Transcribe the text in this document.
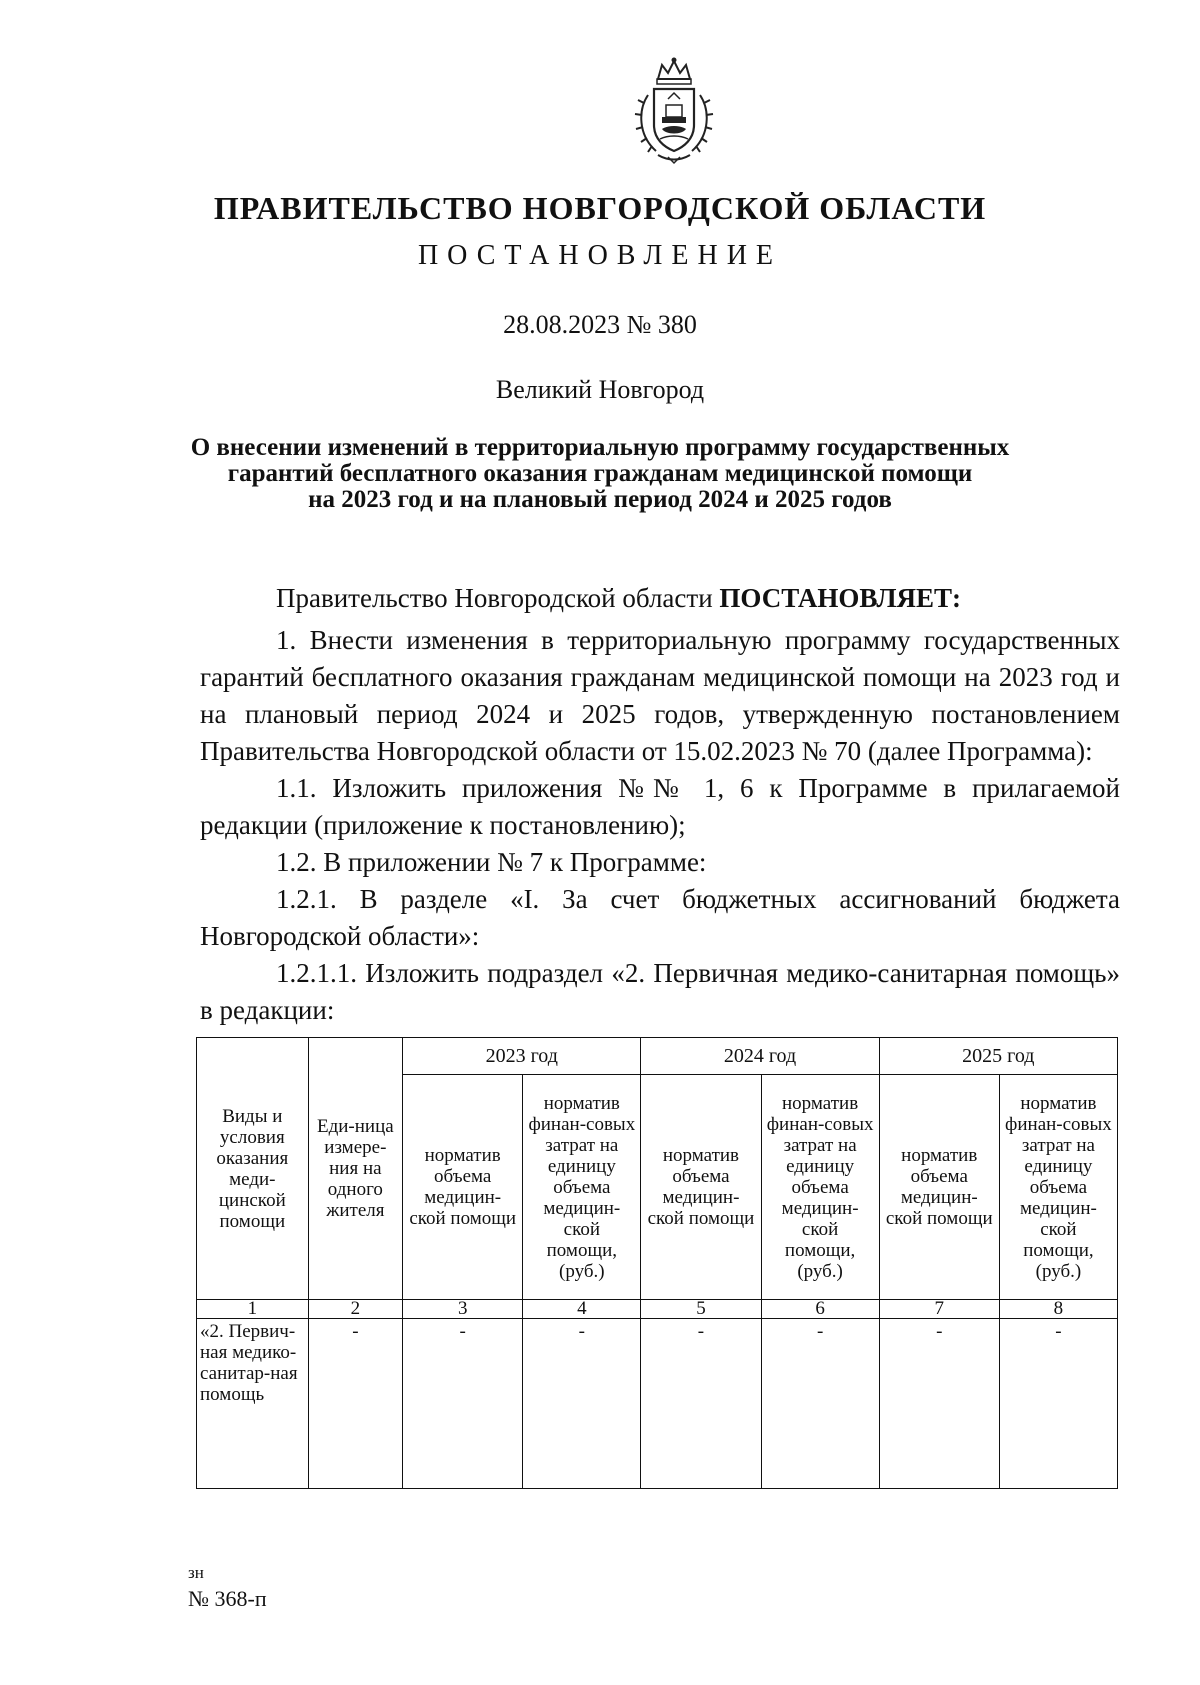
ПРАВИТЕЛЬСТВО НОВГОРОДСКОЙ ОБЛАСТИ
ПОСТАНОВЛЕНИЕ
28.08.2023 № 380
Великий Новгород
О внесении изменений в территориальную программу государственных
гарантий бесплатного оказания гражданам медицинской помощи
на 2023 год и на плановый период 2024 и 2025 годов
Правительство Новгородской области ПОСТАНОВЛЯЕТ:

1. Внести изменения в территориальную программу государственных гарантий бесплатного оказания гражданам медицинской помощи на 2023 год и на плановый период 2024 и 2025 годов, утвержденную постановлением Правительства Новгородской области от 15.02.2023 № 70 (далее Программа):

1.1. Изложить приложения №№ 1, 6 к Программе в прилагаемой редакции (приложение к постановлению);

1.2. В приложении № 7 к Программе:

1.2.1. В разделе «I. За счет бюджетных ассигнований бюджета Новгородской области»:

1.2.1.1. Изложить подраздел «2. Первичная медико-санитарная помощь» в редакции:

Виды и условия оказания меди-цинской помощи	Еди-ница измере-ния на одного жителя	2023 год		2024 год		2025 год	
		норматив объема медицин-ской помощи	норматив финан-совых затрат на единицу объема медицин-ской помощи, (руб.)	норматив объема медицин-ской помощи	норматив финан-совых затрат на единицу объема медицин-ской помощи, (руб.)	норматив объема медицин-ской помощи	норматив финан-совых затрат на единицу объема медицин-ской помощи, (руб.)
1	2	3	4	5	6	7	8
«2. Первич-ная медико-санитар-ная помощь	-	-	-	-	-	-	-
зн
№ 368-п
